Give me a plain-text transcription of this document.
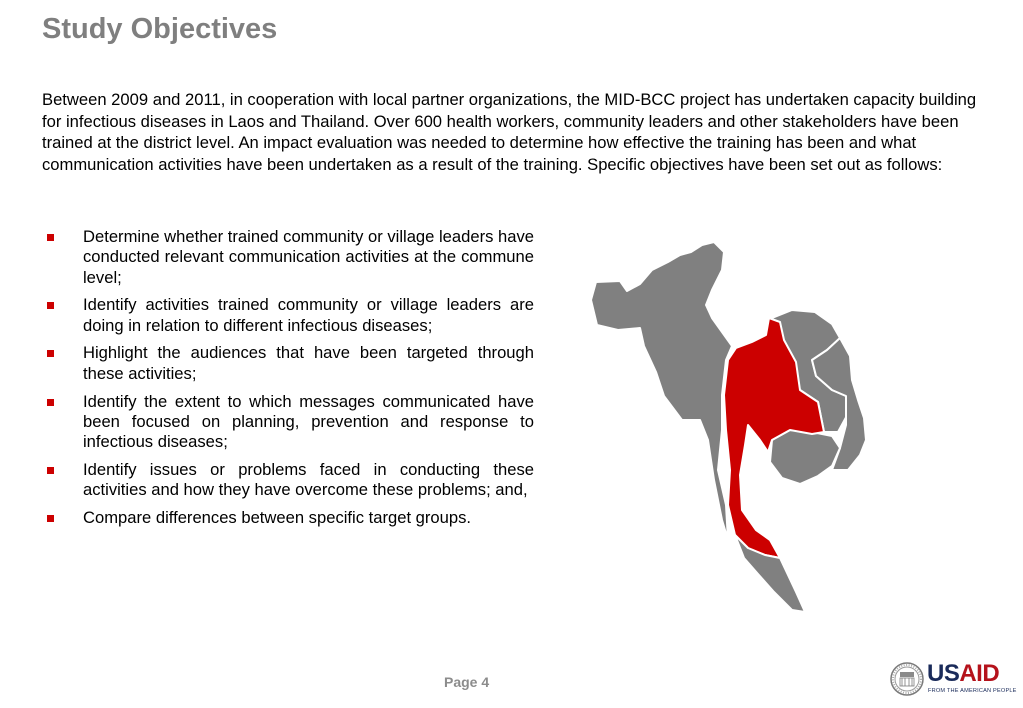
Study Objectives

Between 2009 and 2011, in cooperation with local partner organizations, the MID-BCC project has undertaken capacity building for infectious diseases in Laos and Thailand. Over 600 health workers, community leaders and other stakeholders have been trained at the district level. An impact evaluation was needed to determine how effective the training has been and what communication activities have been undertaken as a result of the training. Specific objectives have been set out as follows:

Determine whether trained community or village leaders have conducted relevant communication activities at the commune level;
Identify activities trained community or village leaders are doing in relation to different infectious diseases;
Highlight the audiences that have been targeted through these activities;
Identify the extent to which messages communicated have been focused on planning, prevention and response to infectious diseases;
Identify issues or problems faced in conducting these activities and how they have overcome these problems; and,
Compare differences between specific target groups.
Page 4	USAID
FROM THE AMERICAN PEOPLE
